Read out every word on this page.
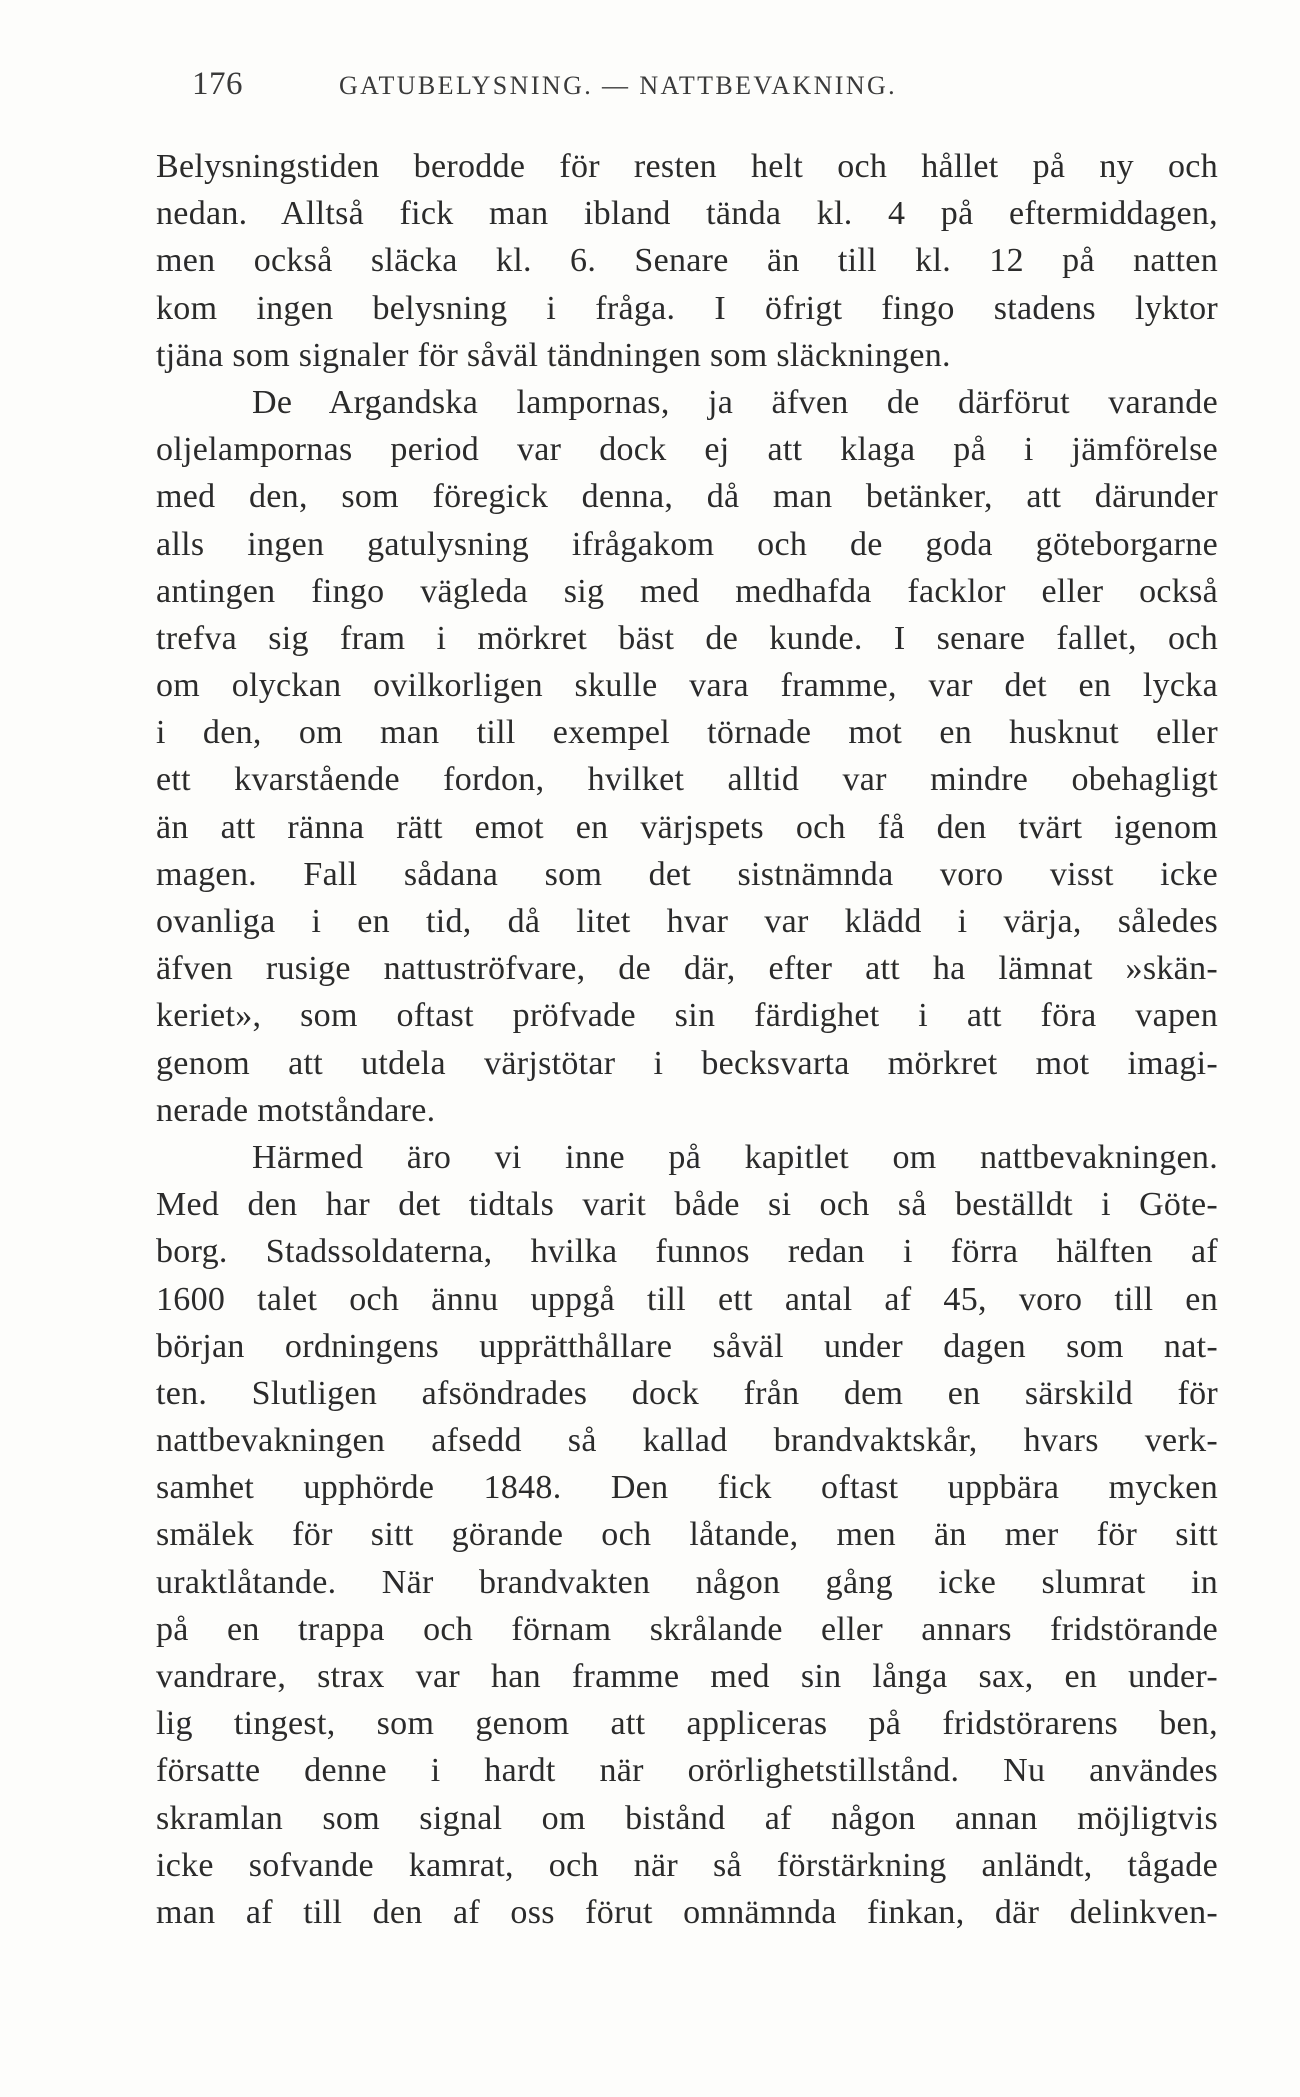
176	GATUBELYSNING. — NATTBEVAKNING.
Belysningstiden berodde för resten helt och hållet på ny och
nedan. Alltså fick man ibland tända kl. 4 på eftermiddagen,
men också släcka kl. 6. Senare än till kl. 12 på natten
kom ingen belysning i fråga. I öfrigt fingo stadens lyktor
tjäna som signaler för såväl tändningen som släckningen.
De Argandska lampornas, ja äfven de därförut varande
oljelampornas period var dock ej att klaga på i jämförelse
med den, som föregick denna, då man betänker, att därunder
alls ingen gatulysning ifrågakom och de goda göteborgarne
antingen fingo vägleda sig med medhafda facklor eller också
trefva sig fram i mörkret bäst de kunde. I senare fallet, och
om olyckan ovilkorligen skulle vara framme, var det en lycka
i den, om man till exempel törnade mot en husknut eller
ett kvarstående fordon, hvilket alltid var mindre obehagligt
än att ränna rätt emot en värjspets och få den tvärt igenom
magen. Fall sådana som det sistnämnda voro visst icke
ovanliga i en tid, då litet hvar var klädd i värja, således
äfven rusige nattuströfvare, de där, efter att ha lämnat »skän-
keriet», som oftast pröfvade sin färdighet i att föra vapen
genom att utdela värjstötar i becksvarta mörkret mot imagi-
nerade motståndare.
Härmed äro vi inne på kapitlet om nattbevakningen.
Med den har det tidtals varit både si och så beställdt i Göte-
borg. Stadssoldaterna, hvilka funnos redan i förra hälften af
1600 talet och ännu uppgå till ett antal af 45, voro till en
början ordningens upprätthållare såväl under dagen som nat-
ten. Slutligen afsöndrades dock från dem en särskild för
nattbevakningen afsedd så kallad brandvaktskår, hvars verk-
samhet upphörde 1848. Den fick oftast uppbära mycken
smälek för sitt görande och låtande, men än mer för sitt
uraktlåtande. När brandvakten någon gång icke slumrat in
på en trappa och förnam skrålande eller annars fridstörande
vandrare, strax var han framme med sin långa sax, en under-
lig tingest, som genom att appliceras på fridstörarens ben,
försatte denne i hardt när orörlighetstillstånd. Nu användes
skramlan som signal om bistånd af någon annan möjligtvis
icke sofvande kamrat, och när så förstärkning anländt, tågade
man af till den af oss förut omnämnda finkan, där delinkven-
